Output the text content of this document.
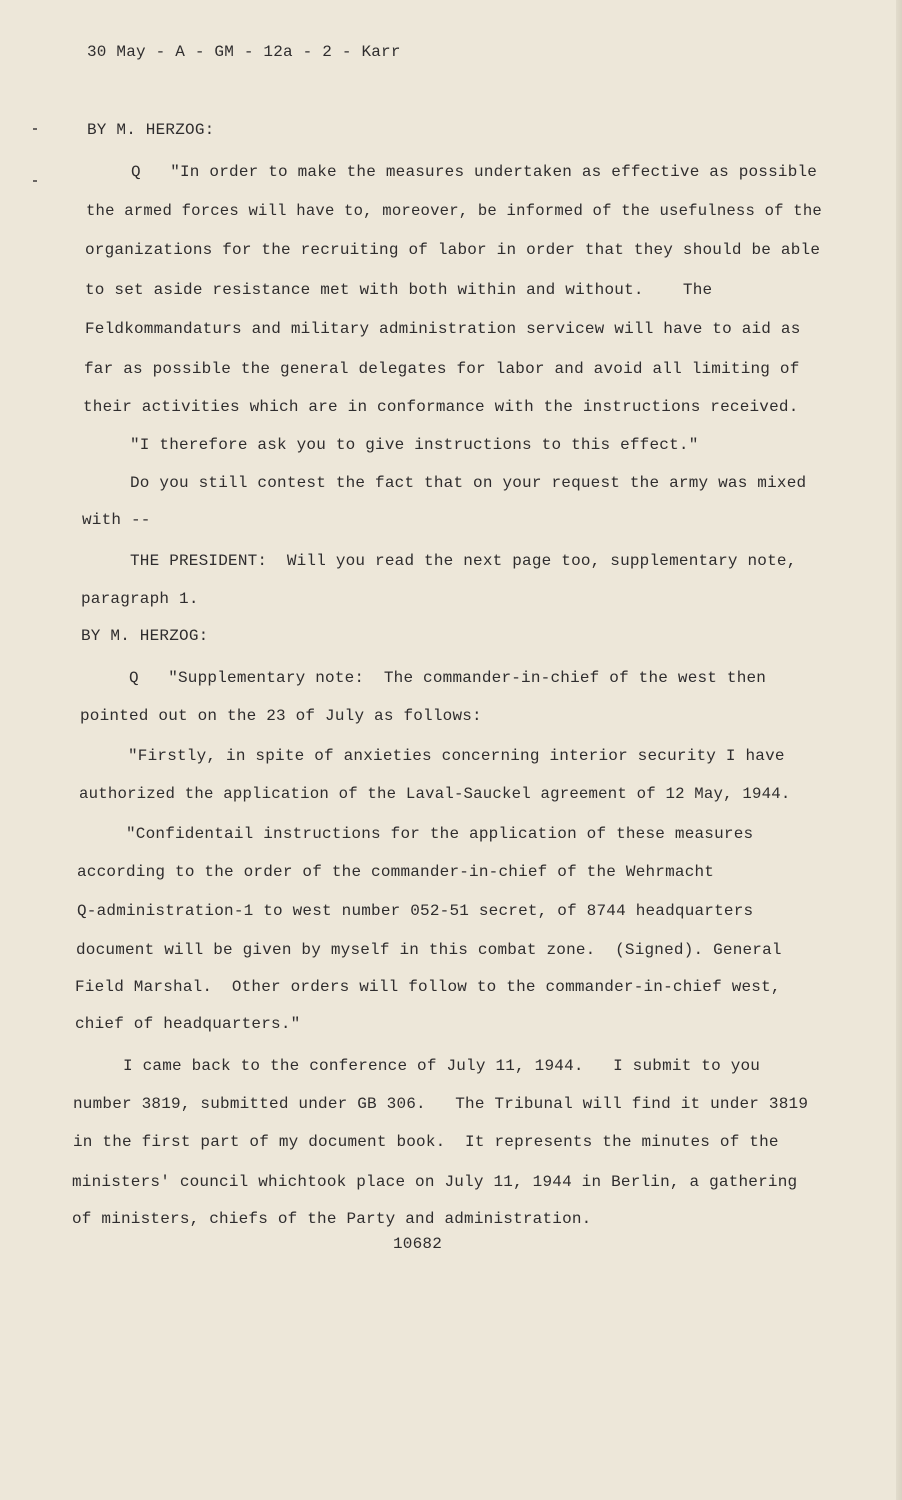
30 May - A - GM - 12a - 2 - Karr
BY M. HERZOG:
Q   "In order to make the measures undertaken as effective as possible
the armed forces will have to, moreover, be informed of the usefulness of the
organizations for the recruiting of labor in order that they should be able
to set aside resistance met with both within and without.    The
Feldkommandaturs and military administration servicew will have to aid as
far as possible the general delegates for labor and avoid all limiting of
their activities which are in conformance with the instructions received.
"I therefore ask you to give instructions to this effect."
Do you still contest the fact that on your request the army was mixed
with --
THE PRESIDENT:  Will you read the next page too, supplementary note,
paragraph 1.
BY M. HERZOG:
Q   "Supplementary note:  The commander-in-chief of the west then
pointed out on the 23 of July as follows:
"Firstly, in spite of anxieties concerning interior security I have
authorized the application of the Laval-Sauckel agreement of 12 May, 1944.
"Confidentail instructions for the application of these measures
according to the order of the commander-in-chief of the Wehrmacht
Q-administration-1 to west number 052-51 secret, of 8744 headquarters
document will be given by myself in this combat zone.  (Signed). General
Field Marshal.  Other orders will follow to the commander-in-chief west,
chief of headquarters."
I came back to the conference of July 11, 1944.   I submit to you
number 3819, submitted under GB 306.   The Tribunal will find it under 3819
in the first part of my document book.  It represents the minutes of the
ministers' council whichtook place on July 11, 1944 in Berlin, a gathering
of ministers, chiefs of the Party and administration.
10682
